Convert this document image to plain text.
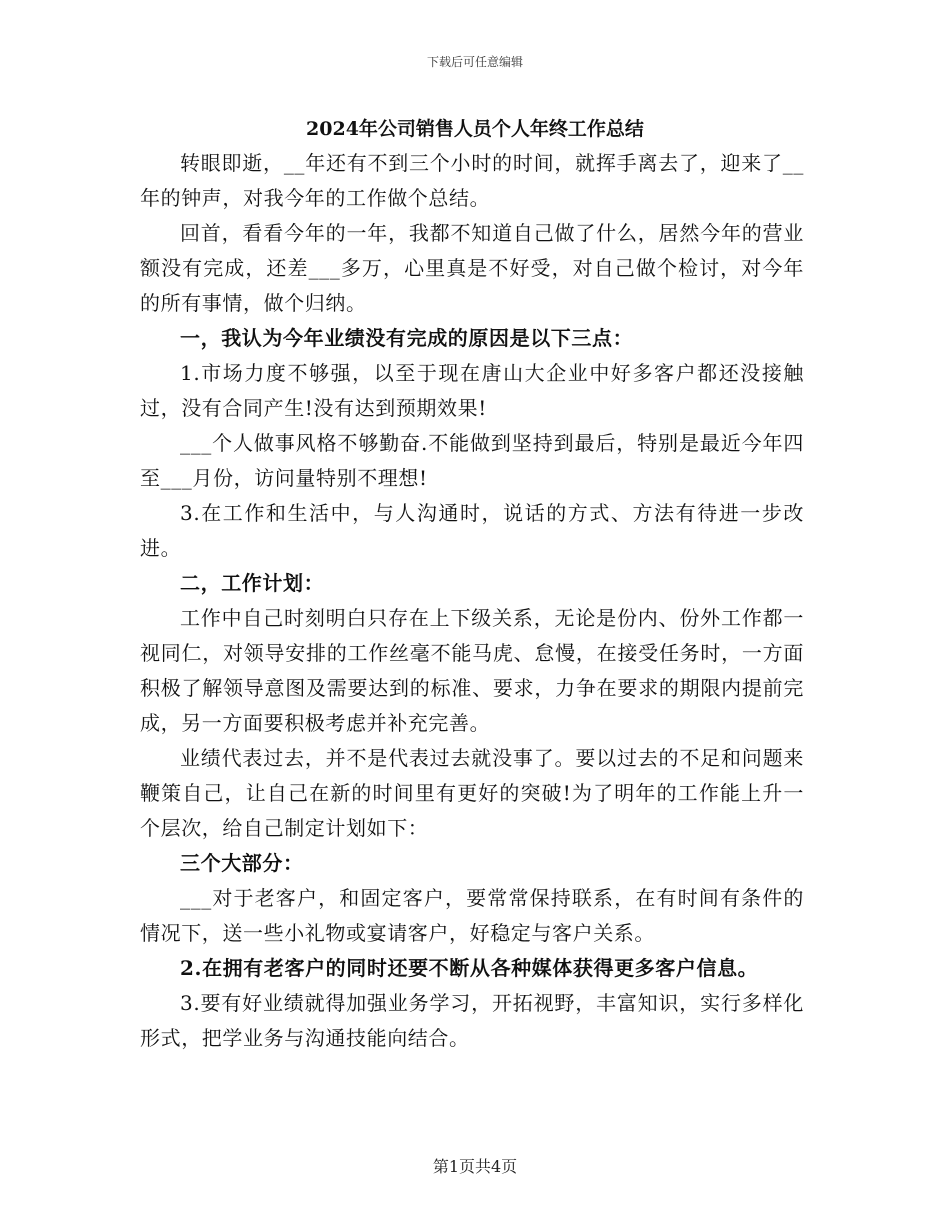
下载后可任意编辑
2024年公司销售人员个人年终工作总结

转眼即逝，__年还有不到三个小时的时间，就挥手离去了，迎来了__年的钟声，对我今年的工作做个总结。

回首，看看今年的一年，我都不知道自己做了什么，居然今年的营业额没有完成，还差___多万，心里真是不好受，对自己做个检讨，对今年的所有事情，做个归纳。

一，我认为今年业绩没有完成的原因是以下三点：

1.市场力度不够强，以至于现在唐山大企业中好多客户都还没接触过，没有合同产生!没有达到预期效果!

___个人做事风格不够勤奋.不能做到坚持到最后，特别是最近今年四至___月份，访问量特别不理想!

3.在工作和生活中，与人沟通时，说话的方式、方法有待进一步改进。

二，工作计划：

工作中自己时刻明白只存在上下级关系，无论是份内、份外工作都一视同仁，对领导安排的工作丝毫不能马虎、怠慢，在接受任务时，一方面积极了解领导意图及需要达到的标准、要求，力争在要求的期限内提前完成，另一方面要积极考虑并补充完善。

业绩代表过去，并不是代表过去就没事了。要以过去的不足和问题来鞭策自己，让自己在新的时间里有更好的突破!为了明年的工作能上升一个层次，给自己制定计划如下：

三个大部分：

___对于老客户，和固定客户，要常常保持联系，在有时间有条件的情况下，送一些小礼物或宴请客户，好稳定与客户关系。

2.在拥有老客户的同时还要不断从各种媒体获得更多客户信息。

3.要有好业绩就得加强业务学习，开拓视野，丰富知识，实行多样化形式，把学业务与沟通技能向结合。

第1页共4页
